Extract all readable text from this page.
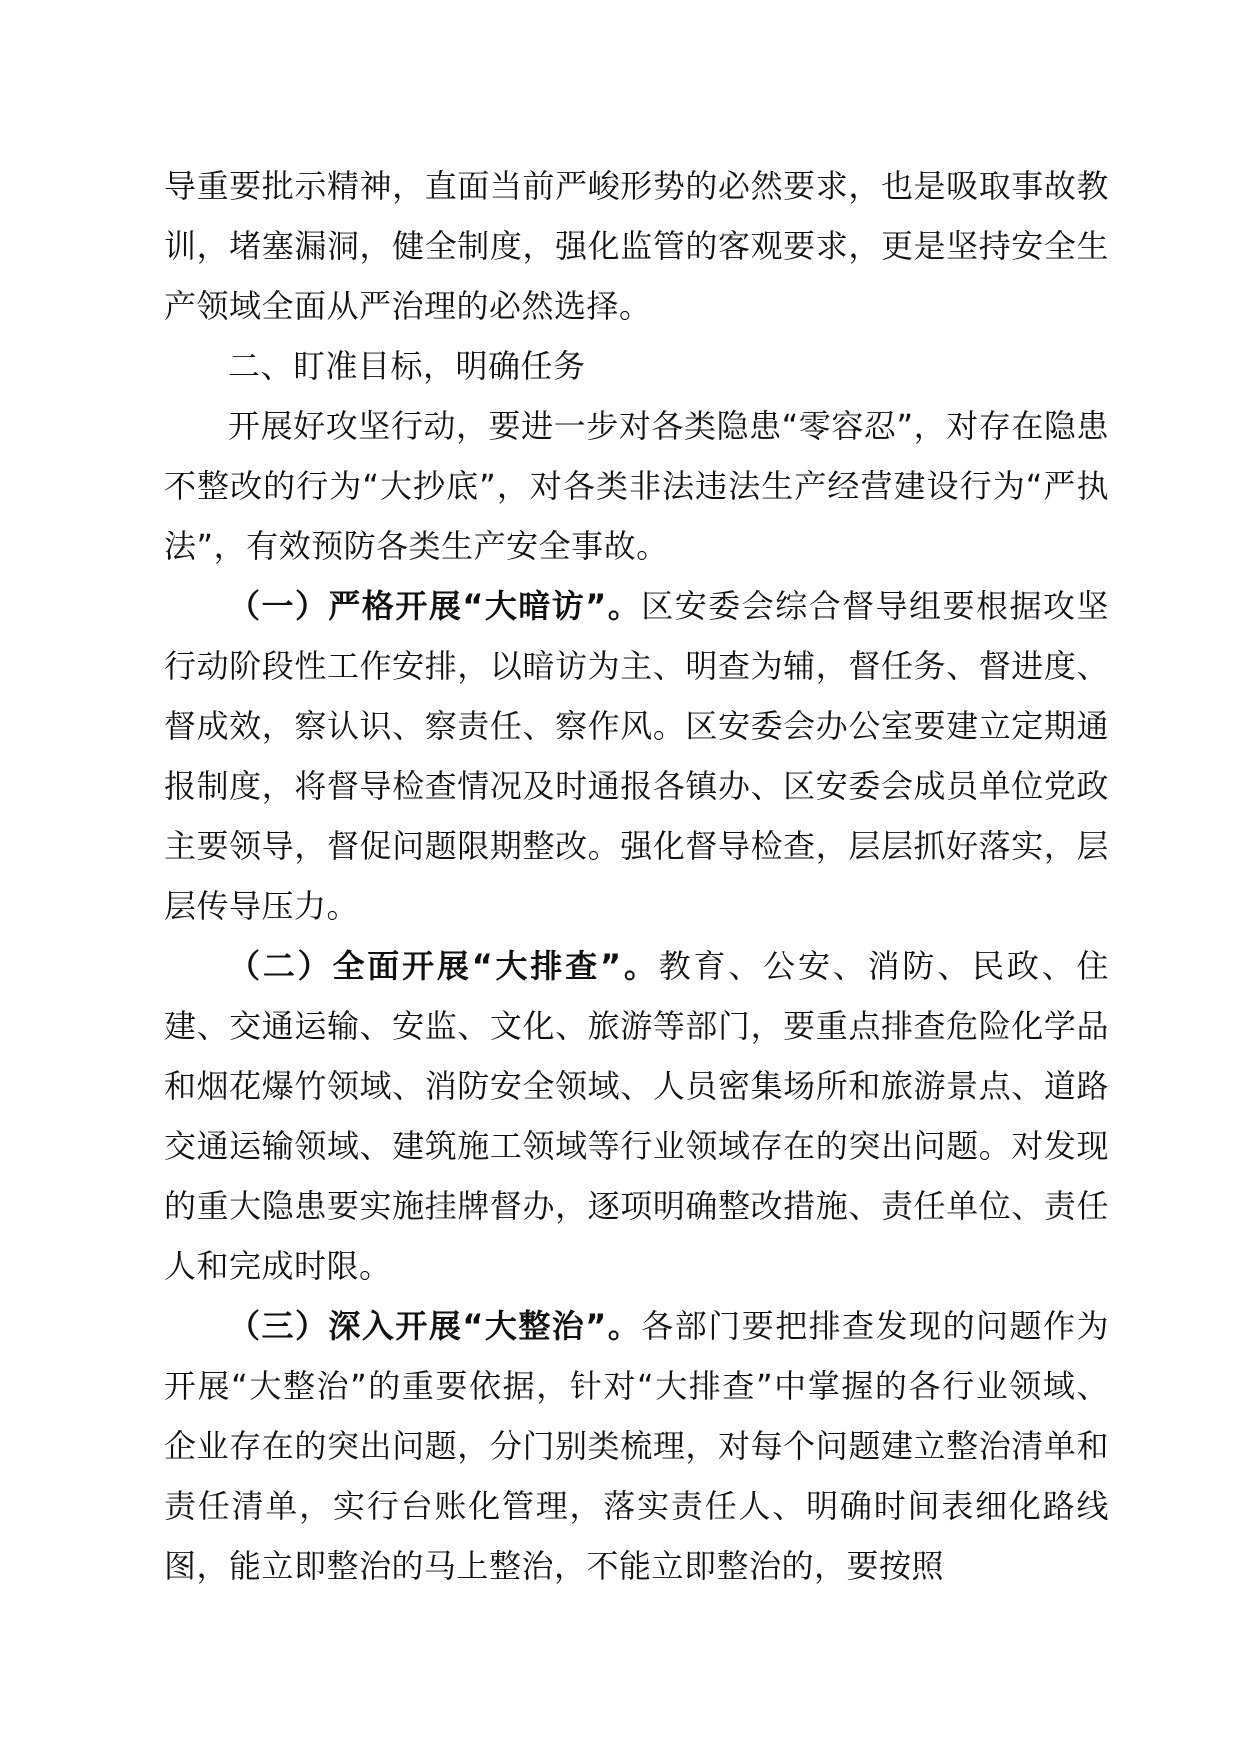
导重要批示精神，直面当前严峻形势的必然要求，也是吸取事故教训，堵塞漏洞，健全制度，强化监管的客观要求，更是坚持安全生产领域全面从严治理的必然选择。

二、盯准目标，明确任务

开展好攻坚行动，要进一步对各类隐患“零容忍”，对存在隐患不整改的行为“大抄底”，对各类非法违法生产经营建设行为“严执法”，有效预防各类生产安全事故。

（一）严格开展“大暗访”。区安委会综合督导组要根据攻坚行动阶段性工作安排，以暗访为主、明查为辅，督任务、督进度、督成效，察认识、察责任、察作风。区安委会办公室要建立定期通报制度，将督导检查情况及时通报各镇办、区安委会成员单位党政主要领导，督促问题限期整改。强化督导检查，层层抓好落实，层层传导压力。

（二）全面开展“大排查”。教育、公安、消防、民政、住建、交通运输、安监、文化、旅游等部门，要重点排查危险化学品和烟花爆竹领域、消防安全领域、人员密集场所和旅游景点、道路交通运输领域、建筑施工领域等行业领域存在的突出问题。对发现的重大隐患要实施挂牌督办，逐项明确整改措施、责任单位、责任人和完成时限。

（三）深入开展“大整治”。各部门要把排查发现的问题作为开展“大整治”的重要依据，针对“大排查”中掌握的各行业领域、企业存在的突出问题，分门别类梳理，对每个问题建立整治清单和责任清单，实行台账化管理，落实责任人、明确时间表细化路线图，能立即整治的马上整治，不能立即整治的，要按照
